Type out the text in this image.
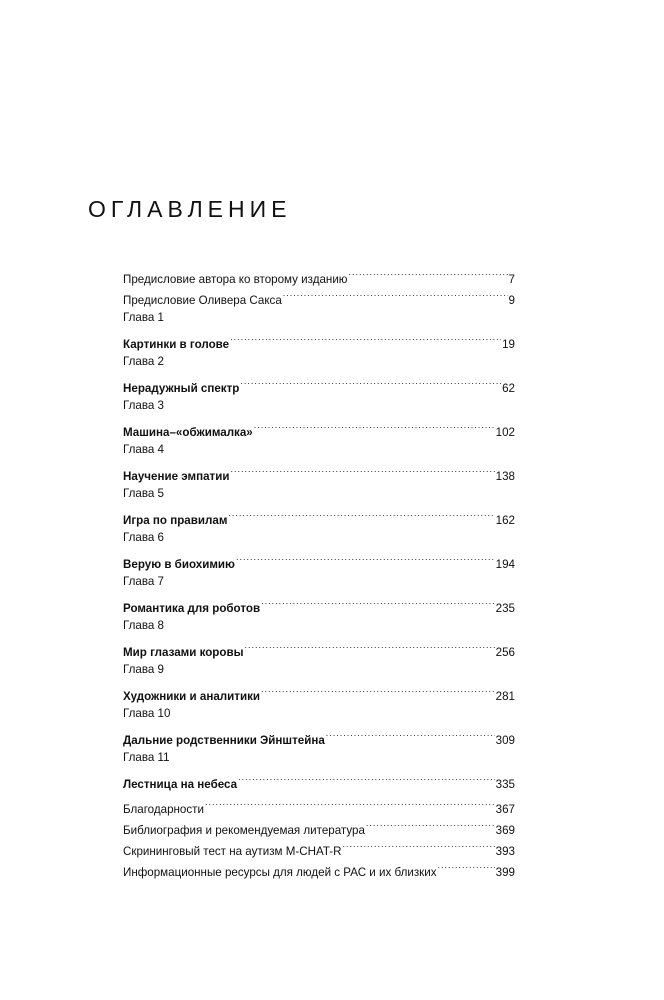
ОГЛАВЛЕНИЕ
Предисловие автора ко второму изданию .....	7
Предисловие Оливера Сакса .....	9
Глава 1
Картинки в голове .....	19
Глава 2
Нерадужный спектр .....	62
Глава 3
Машина–«обжималка» .....	102
Глава 4
Научение эмпатии .....	138
Глава 5
Игра по правилам .....	162
Глава 6
Верую в биохимию .....	194
Глава 7
Романтика для роботов .....	235
Глава 8
Мир глазами коровы .....	256
Глава 9
Художники и аналитики .....	281
Глава 10
Дальние родственники Эйнштейна .....	309
Глава 11
Лестница на небеса .....	335
Благодарности .....	367
Библиография и рекомендуемая литература .....	369
Скрининговый тест на аутизм M-CHAT-R .....	393
Информационные ресурсы для людей с РАС и их близких .....	399
